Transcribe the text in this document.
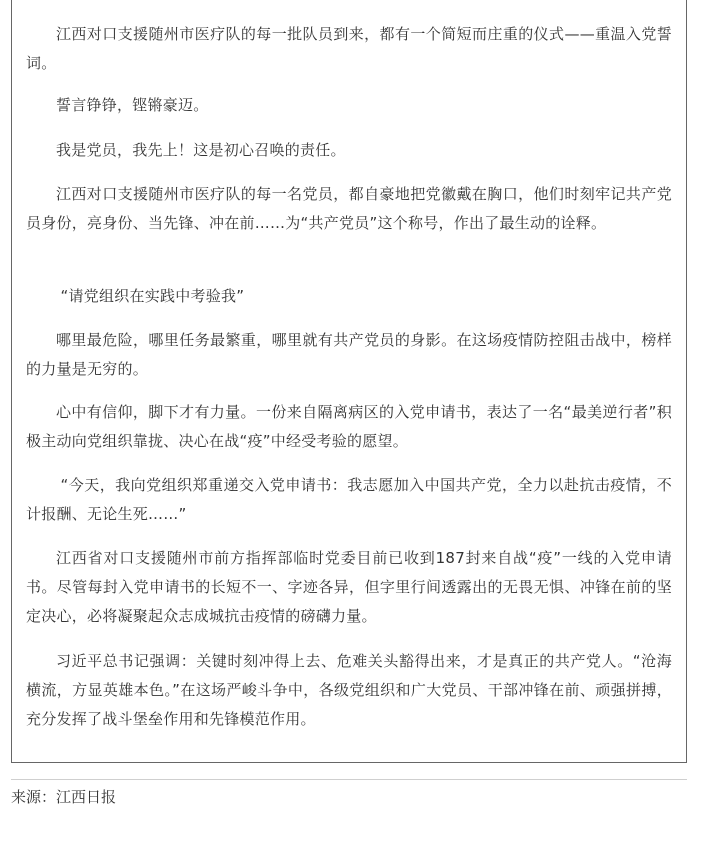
江西对口支援随州市医疗队的每一批队员到来，都有一个简短而庄重的仪式——重温入党誓词。

誓言铮铮，铿锵豪迈。

我是党员，我先上！这是初心召唤的责任。

江西对口支援随州市医疗队的每一名党员，都自豪地把党徽戴在胸口，他们时刻牢记共产党员身份，亮身份、当先锋、冲在前……为“共产党员”这个称号，作出了最生动的诠释。

“请党组织在实践中考验我”

哪里最危险，哪里任务最繁重，哪里就有共产党员的身影。在这场疫情防控阻击战中，榜样的力量是无穷的。

心中有信仰，脚下才有力量。一份来自隔离病区的入党申请书，表达了一名“最美逆行者”积极主动向党组织靠拢、决心在战“疫”中经受考验的愿望。

“今天，我向党组织郑重递交入党申请书：我志愿加入中国共产党，全力以赴抗击疫情，不计报酬、无论生死……”

江西省对口支援随州市前方指挥部临时党委目前已收到187封来自战“疫”一线的入党申请书。尽管每封入党申请书的长短不一、字迹各异，但字里行间透露出的无畏无惧、冲锋在前的坚定决心，必将凝聚起众志成城抗击疫情的磅礴力量。

习近平总书记强调：关键时刻冲得上去、危难关头豁得出来，才是真正的共产党人。“沧海横流，方显英雄本色。”在这场严峻斗争中，各级党组织和广大党员、干部冲锋在前、顽强拼搏，充分发挥了战斗堡垒作用和先锋模范作用。

来源：江西日报
